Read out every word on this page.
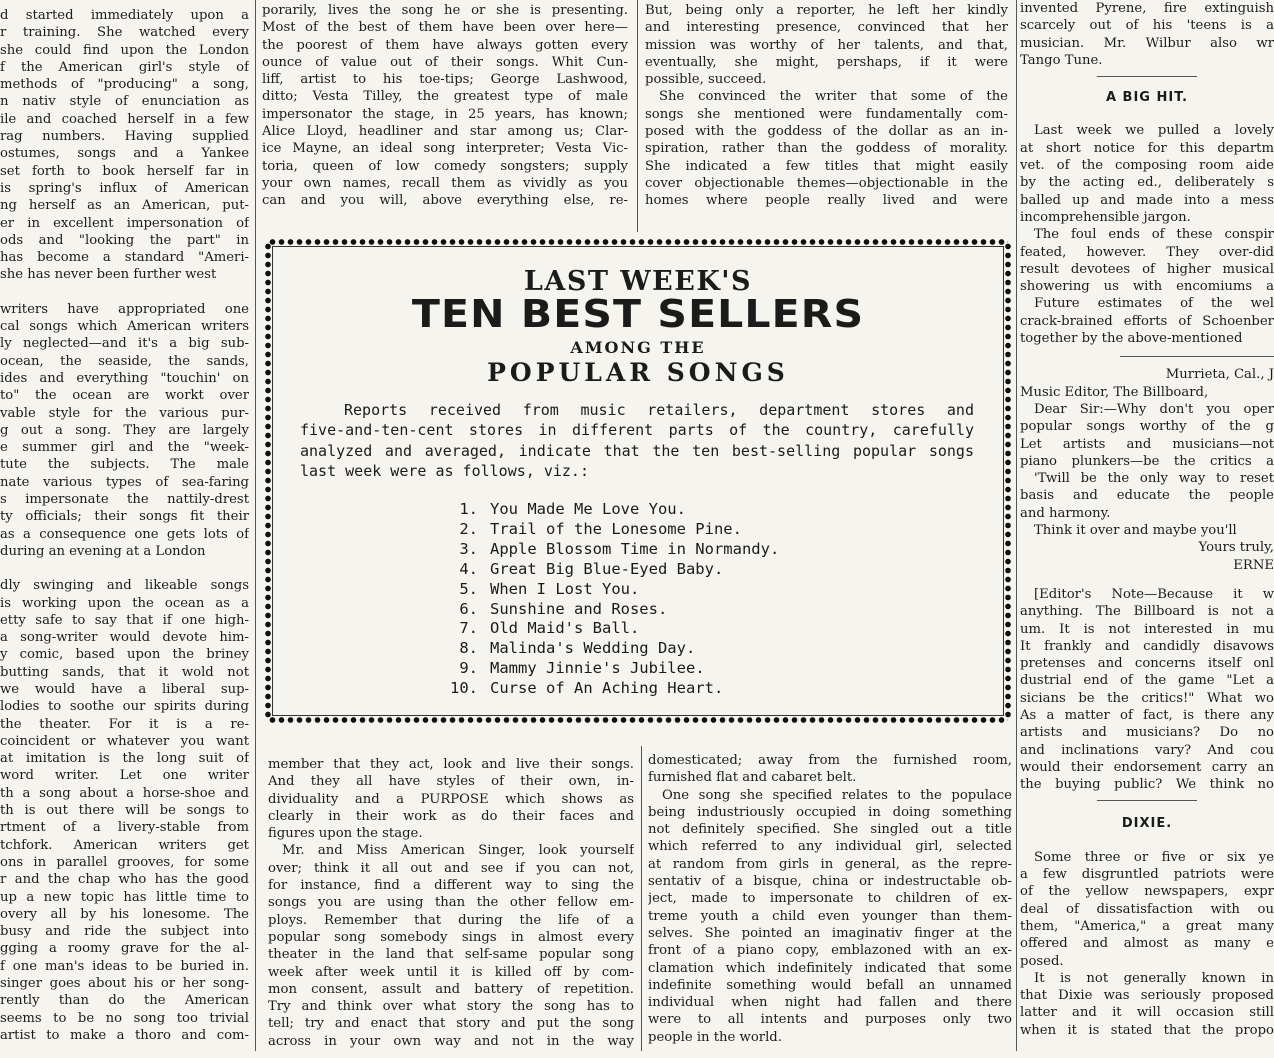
d started immediately upon a

r training. She watched every

she could find upon the London

f the American girl's style of

methods of "producing" a song,

n nativ style of enunciation as

ile and coached herself in a few

rag numbers. Having supplied

ostumes, songs and a Yankee

set forth to book herself far in

is spring's influx of American

ng herself as an American, put-

er in excellent impersonation of

ods and "looking the part" in

has become a standard "Ameri-

she has never been further west

writers have appropriated one

cal songs which American writers

ly neglected—and it's a big sub-

ocean, the seaside, the sands,

ides and everything "touchin' on

to" the ocean are workt over

vable style for the various pur-

g out a song. They are largely

e summer girl and the "week-

tute the subjects. The male

nate various types of sea-faring

s impersonate the nattily-drest

ty officials; their songs fit their

as a consequence one gets lots of

during an evening at a London

dly swinging and likeable songs

is working upon the ocean as a

etty safe to say that if one high-

a song-writer would devote him-

y comic, based upon the briney

butting sands, that it wold not

we would have a liberal sup-

lodies to soothe our spirits during

the theater. For it is a re-

coincident or whatever you want

at imitation is the long suit of

word writer. Let one writer

th a song about a horse-shoe and

th is out there will be songs to

rtment of a livery-stable from

tchfork. American writers get

ons in parallel grooves, for some

r and the chap who has the good

up a new topic has little time to

overy all by his lonesome. The

busy and ride the subject into

gging a roomy grave for the al-

f one man's ideas to be buried in.

singer goes about his or her song-

rently than do the American

seems to be no song too trivial

artist to make a thoro and com-

porarily, lives the song he or she is presenting.

Most of the best of them have been over here—

the poorest of them have always gotten every

ounce of value out of their songs. Whit Cun-

liff, artist to his toe-tips; George Lashwood,

ditto; Vesta Tilley, the greatest type of male

impersonator the stage, in 25 years, has known;

Alice Lloyd, headliner and star among us; Clar-

ice Mayne, an ideal song interpreter; Vesta Vic-

toria, queen of low comedy songsters; supply

your own names, recall them as vividly as you

can and you will, above everything else, re-

But, being only a reporter, he left her kindly

and interesting presence, convinced that her

mission was worthy of her talents, and that,

eventually, she might, pershaps, if it were

possible, succeed.

She convinced the writer that some of the

songs she mentioned were fundamentally com-

posed with the goddess of the dollar as an in-

spiration, rather than the goddess of morality.

She indicated a few titles that might easily

cover objectionable themes—objectionable in the

homes where people really lived and were

invented Pyrene, fire extinguish

scarcely out of his 'teens is a

musician. Mr. Wilbur also wr

Tango Tune.

A BIG HIT.

Last week we pulled a lovely

at short notice for this departm

vet. of the composing room aide

by the acting ed., deliberately s

balled up and made into a mess

incomprehensible jargon.

The foul ends of these conspir

feated, however. They over-did

result devotees of higher musical

showering us with encomiums a

Future estimates of the wel

crack-brained efforts of Schoenber

together by the above-mentioned

Murrieta, Cal., J

Music Editor, The Billboard,

Dear Sir:—Why don't you oper

popular songs worthy of the g

Let artists and musicians—not

piano plunkers—be the critics a

'Twill be the only way to reset

basis and educate the people

and harmony.

Think it over and maybe you'll

Yours truly,

ERNE

[Editor's Note—Because it w

anything. The Billboard is not a

um. It is not interested in mu

It frankly and candidly disavows

pretenses and concerns itself onl

dustrial end of the game "Let a

sicians be the critics!" What wo

As a matter of fact, is there any

artists and musicians? Do no

and inclinations vary? And cou

would their endorsement carry an

the buying public? We think no

DIXIE.

Some three or five or six ye

a few disgruntled patriots were

of the yellow newspapers, expr

deal of dissatisfaction with ou

them, "America," a great many

offered and almost as many e

posed.

It is not generally known in

that Dixie was seriously proposed

latter and it will occasion still

when it is stated that the propo

member that they act, look and live their songs.

And they all have styles of their own, in-

dividuality and a PURPOSE which shows as

clearly in their work as do their faces and

figures upon the stage.

Mr. and Miss American Singer, look yourself

over; think it all out and see if you can not,

for instance, find a different way to sing the

songs you are using than the other fellow em-

ploys. Remember that during the life of a

popular song somebody sings in almost every

theater in the land that self-same popular song

week after week until it is killed off by com-

mon consent, assult and battery of repetition.

Try and think over what story the song has to

tell; try and enact that story and put the song

across in your own way and not in the way

domesticated; away from the furnished room,

furnished flat and cabaret belt.

One song she specified relates to the populace

being industriously occupied in doing something

not definitely specified. She singled out a title

which referred to any individual girl, selected

at random from girls in general, as the repre-

sentativ of a bisque, china or indestructable ob-

ject, made to impersonate to children of ex-

treme youth a child even younger than them-

selves. She pointed an imaginativ finger at the

front of a piano copy, emblazoned with an ex-

clamation which indefinitely indicated that some

indefinite something would befall an unnamed

individual when night had fallen and there

were to all intents and purposes only two

people in the world.

LAST WEEK'S
TEN BEST SELLERS
AMONG THE
POPULAR SONGS

Reports received from music retailers, department stores and

five-and-ten-cent stores in different parts of the country, carefully

analyzed and averaged, indicate that the ten best-selling popular songs

last week were as follows, viz.:

1. You Made Me Love You.
2. Trail of the Lonesome Pine.
3. Apple Blossom Time in Normandy.
4. Great Big Blue-Eyed Baby.
5. When I Lost You.
6. Sunshine and Roses.
7. Old Maid's Ball.
8. Malinda's Wedding Day.
9. Mammy Jinnie's Jubilee.
10. Curse of An Aching Heart.
